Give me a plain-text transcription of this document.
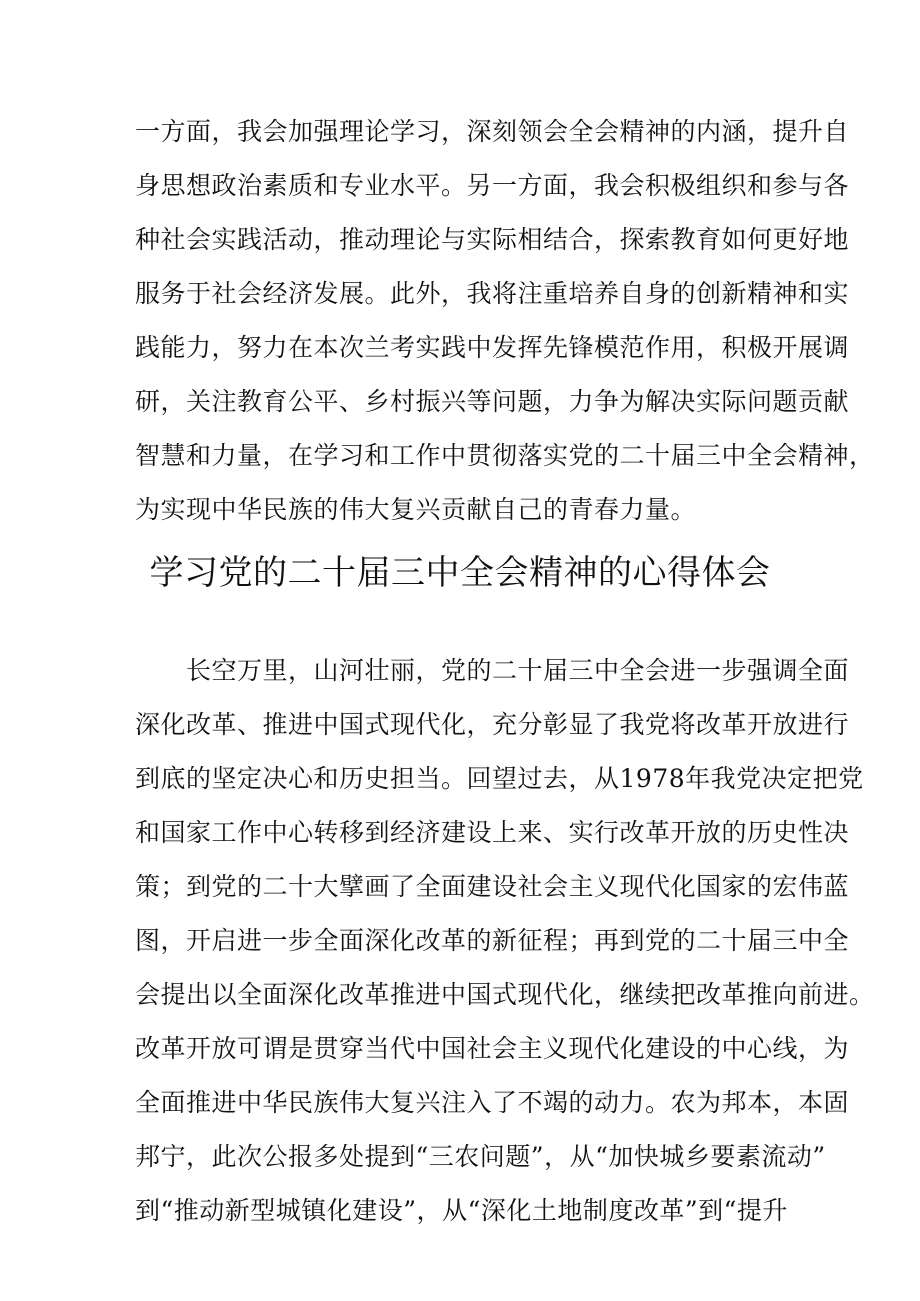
一方面，我会加强理论学习，深刻领会全会精神的内涵，提升自
身思想政治素质和专业水平。另一方面，我会积极组织和参与各
种社会实践活动，推动理论与实际相结合，探索教育如何更好地
服务于社会经济发展。此外，我将注重培养自身的创新精神和实
践能力，努力在本次兰考实践中发挥先锋模范作用，积极开展调
研，关注教育公平、乡村振兴等问题，力争为解决实际问题贡献
智慧和力量，在学习和工作中贯彻落实党的二十届三中全会精神，
为实现中华民族的伟大复兴贡献自己的青春力量。
学习党的二十届三中全会精神的心得体会
　　长空万里，山河壮丽，党的二十届三中全会进一步强调全面
深化改革、推进中国式现代化，充分彰显了我党将改革开放进行
到底的坚定决心和历史担当。回望过去，从1978年我党决定把党
和国家工作中心转移到经济建设上来、实行改革开放的历史性决
策；到党的二十大擘画了全面建设社会主义现代化国家的宏伟蓝
图，开启进一步全面深化改革的新征程；再到党的二十届三中全
会提出以全面深化改革推进中国式现代化，继续把改革推向前进。
改革开放可谓是贯穿当代中国社会主义现代化建设的中心线，为
全面推进中华民族伟大复兴注入了不竭的动力。农为邦本，本固
邦宁，此次公报多处提到“三农问题”，从“加快城乡要素流动”
到“推动新型城镇化建设”，从“深化土地制度改革”到“提升
